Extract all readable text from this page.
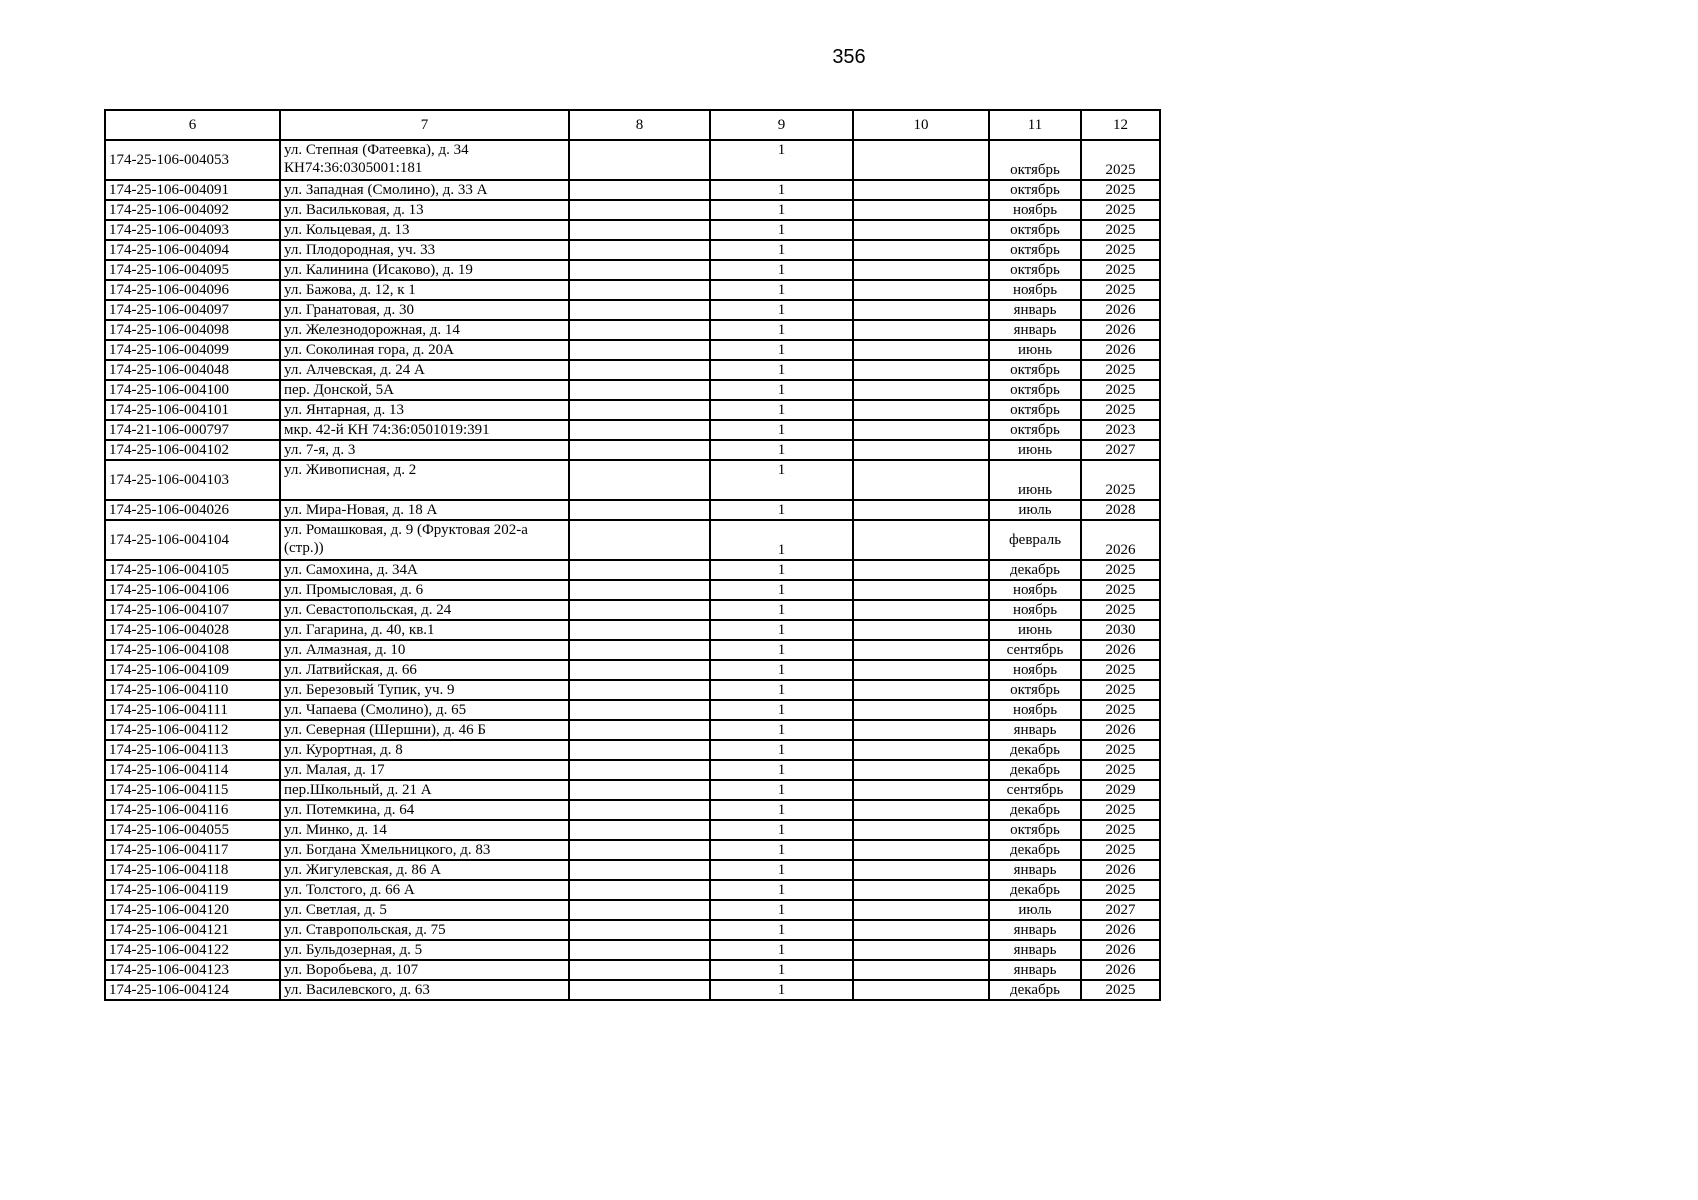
356
6	7	8	9	10	11	12
174-25-106-004053	ул. Степная (Фатеевка), д. 34 КН74:36:0305001:181		1		октябрь	2025
174-25-106-004091	ул. Западная (Смолино), д. 33 А		1		октябрь	2025
174-25-106-004092	ул. Васильковая, д. 13		1		ноябрь	2025
174-25-106-004093	ул. Кольцевая, д. 13		1		октябрь	2025
174-25-106-004094	ул. Плодородная, уч. 33		1		октябрь	2025
174-25-106-004095	ул. Калинина (Исаково), д. 19		1		октябрь	2025
174-25-106-004096	ул. Бажова, д. 12, к 1		1		ноябрь	2025
174-25-106-004097	ул. Гранатовая, д. 30		1		январь	2026
174-25-106-004098	ул. Железнодорожная, д. 14		1		январь	2026
174-25-106-004099	ул. Соколиная гора, д. 20А		1		июнь	2026
174-25-106-004048	ул. Алчевская, д. 24 А		1		октябрь	2025
174-25-106-004100	пер. Донской, 5А		1		октябрь	2025
174-25-106-004101	ул. Янтарная, д. 13		1		октябрь	2025
174-21-106-000797	мкр. 42-й КН 74:36:0501019:391		1		октябрь	2023
174-25-106-004102	ул. 7-я, д. 3		1		июнь	2027
174-25-106-004103	ул. Живописная, д. 2		1		июнь	2025
174-25-106-004026	ул. Мира-Новая, д. 18 А		1		июль	2028
174-25-106-004104	ул. Ромашковая, д. 9 (Фруктовая 202-а (стр.))		1		февраль	2026
174-25-106-004105	ул. Самохина, д. 34А		1		декабрь	2025
174-25-106-004106	ул. Промысловая, д. 6		1		ноябрь	2025
174-25-106-004107	ул. Севастопольская, д. 24		1		ноябрь	2025
174-25-106-004028	ул. Гагарина, д. 40, кв.1		1		июнь	2030
174-25-106-004108	ул. Алмазная, д. 10		1		сентябрь	2026
174-25-106-004109	ул. Латвийская, д. 66		1		ноябрь	2025
174-25-106-004110	ул. Березовый Тупик, уч. 9		1		октябрь	2025
174-25-106-004111	ул. Чапаева (Смолино), д. 65		1		ноябрь	2025
174-25-106-004112	ул. Северная (Шершни), д. 46 Б		1		январь	2026
174-25-106-004113	ул. Курортная, д. 8		1		декабрь	2025
174-25-106-004114	ул. Малая, д. 17		1		декабрь	2025
174-25-106-004115	пер.Школьный, д. 21 А		1		сентябрь	2029
174-25-106-004116	ул. Потемкина, д. 64		1		декабрь	2025
174-25-106-004055	ул. Минко, д. 14		1		октябрь	2025
174-25-106-004117	ул. Богдана Хмельницкого, д. 83		1		декабрь	2025
174-25-106-004118	ул. Жигулевская, д. 86 А		1		январь	2026
174-25-106-004119	ул. Толстого, д. 66 А		1		декабрь	2025
174-25-106-004120	ул. Светлая, д. 5		1		июль	2027
174-25-106-004121	ул. Ставропольская, д. 75		1		январь	2026
174-25-106-004122	ул. Бульдозерная, д. 5		1		январь	2026
174-25-106-004123	ул. Воробьева, д. 107		1		январь	2026
174-25-106-004124	ул. Василевского, д. 63		1		декабрь	2025
